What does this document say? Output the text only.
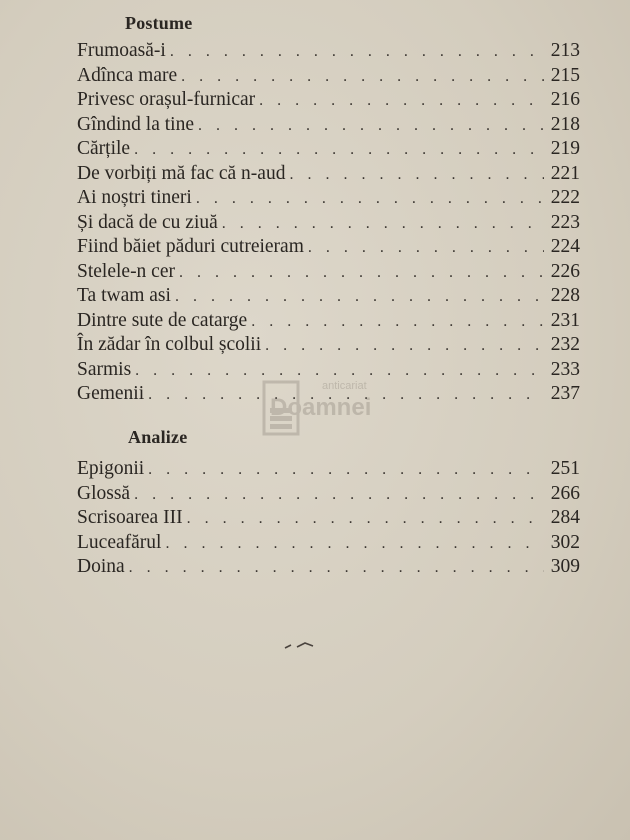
Postume
Frumoasă-i . . .	213
Adînca mare . . .	215
Privesc orașul-furnicar . . .	216
Gîndind la tine . . .	218
Cărțile . . .	219
De vorbiți mă fac că n-aud . . .	221
Ai noștri tineri . . .	222
Și dacă de cu ziuă . . .	223
Fiind băiet păduri cutreieram . . .	224
Stelele-n cer . . .	226
Ta twam asi . . .	228
Dintre sute de catarge . . .	231
În zădar în colbul școlii . . .	232
Sarmis . . .	233
Gemenii . . .	237
Analize
Epigonii . . .	251
Glossă . . .	266
Scrisoarea III . . .	284
Luceafărul . . .	302
Doina . . .	309
anticariat
Doamnei
